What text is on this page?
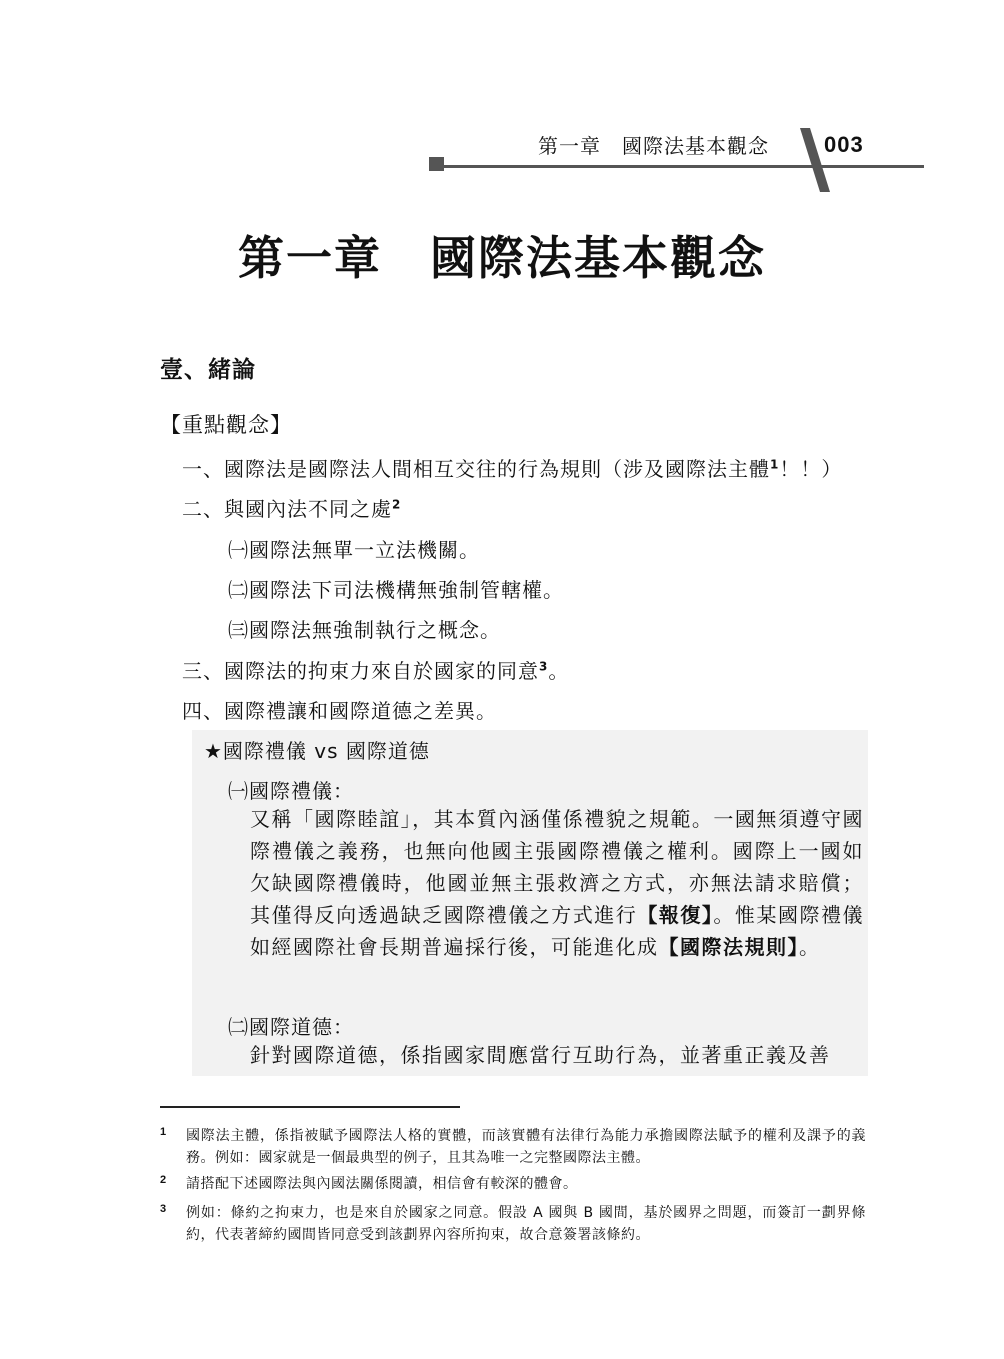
第一章　國際法基本觀念	003
第一章　國際法基本觀念
壹、緒論
【重點觀念】
一、國際法是國際法人間相互交往的行為規則（涉及國際法主體$^1$！！）
二、與國內法不同之處$^2$
㈠國際法無單一立法機關。
㈡國際法下司法機構無強制管轄權。
㈢國際法無強制執行之概念。
三、國際法的拘束力來自於國家的同意$^3$。
四、國際禮讓和國際道德之差異。
★國際禮儀 vs 國際道德
㈠國際禮儀：
又稱「國際睦誼」，其本質內涵僅係禮貌之規範。一國無須遵守國際禮儀之義務，也無向他國主張國際禮儀之權利。國際上一國如欠缺國際禮儀時，他國並無主張救濟之方式，亦無法請求賠償；其僅得反向透過缺乏國際禮儀之方式進行【報復】。惟某國際禮儀如經國際社會長期普遍採行後，可能進化成【國際法規則】。
㈡國際道德：
針對國際道德，係指國家間應當行互助行為，並著重正義及善
1 國際法主體，係指被賦予國際法人格的實體，而該實體有法律行為能力承擔國際法賦予的權利及課予的義務。例如：國家就是一個最典型的例子，且其為唯一之完整國際法主體。
2 請搭配下述國際法與內國法關係閱讀，相信會有較深的體會。
3 例如：條約之拘束力，也是來自於國家之同意。假設 A 國與 B 國間，基於國界之問題，而簽訂一劃界條約，代表著締約國間皆同意受到該劃界內容所拘束，故合意簽署該條約。
